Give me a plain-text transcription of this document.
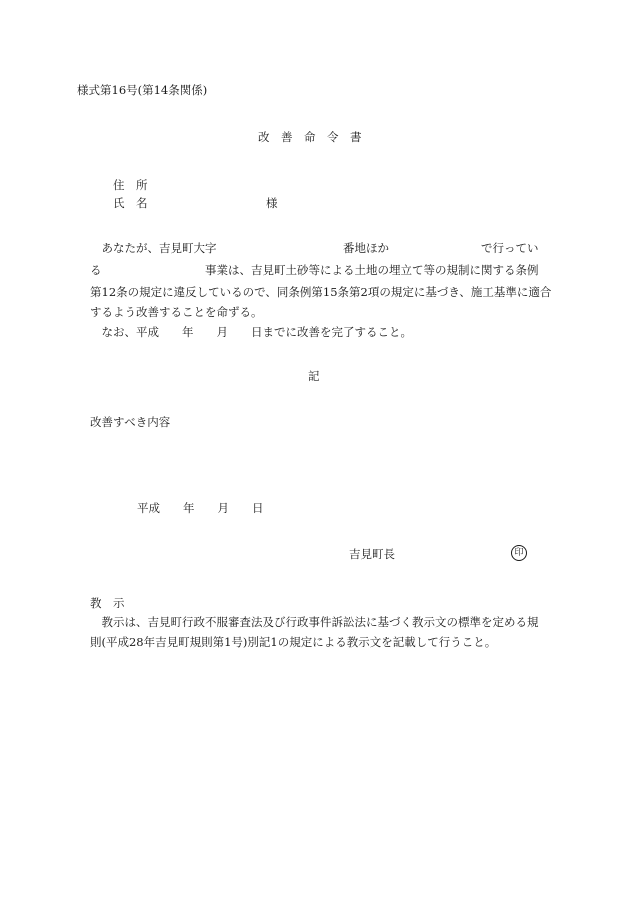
様式第16号(第14条関係)
改　善　命　令　書
住　所
氏　名	様

　あなたが、吉見町大字　　　　　　　　　　　番地ほか　　　　　　　　で行ってい

る　　　　　　　　　事業は、吉見町土砂等による土地の埋立て等の規制に関する条例

第12条の規定に違反しているので、同条例第15条第2項の規定に基づき、施工基準に適合

するよう改善することを命ずる。

　なお、平成　　年　　月　　日までに改善を完了すること。

記
改善すべき内容
平成　　年　　月　　日
吉見町長	印
教　示

　教示は、吉見町行政不服審査法及び行政事件訴訟法に基づく教示文の標準を定める規

則(平成28年吉見町規則第1号)別記1の規定による教示文を記載して行うこと。
